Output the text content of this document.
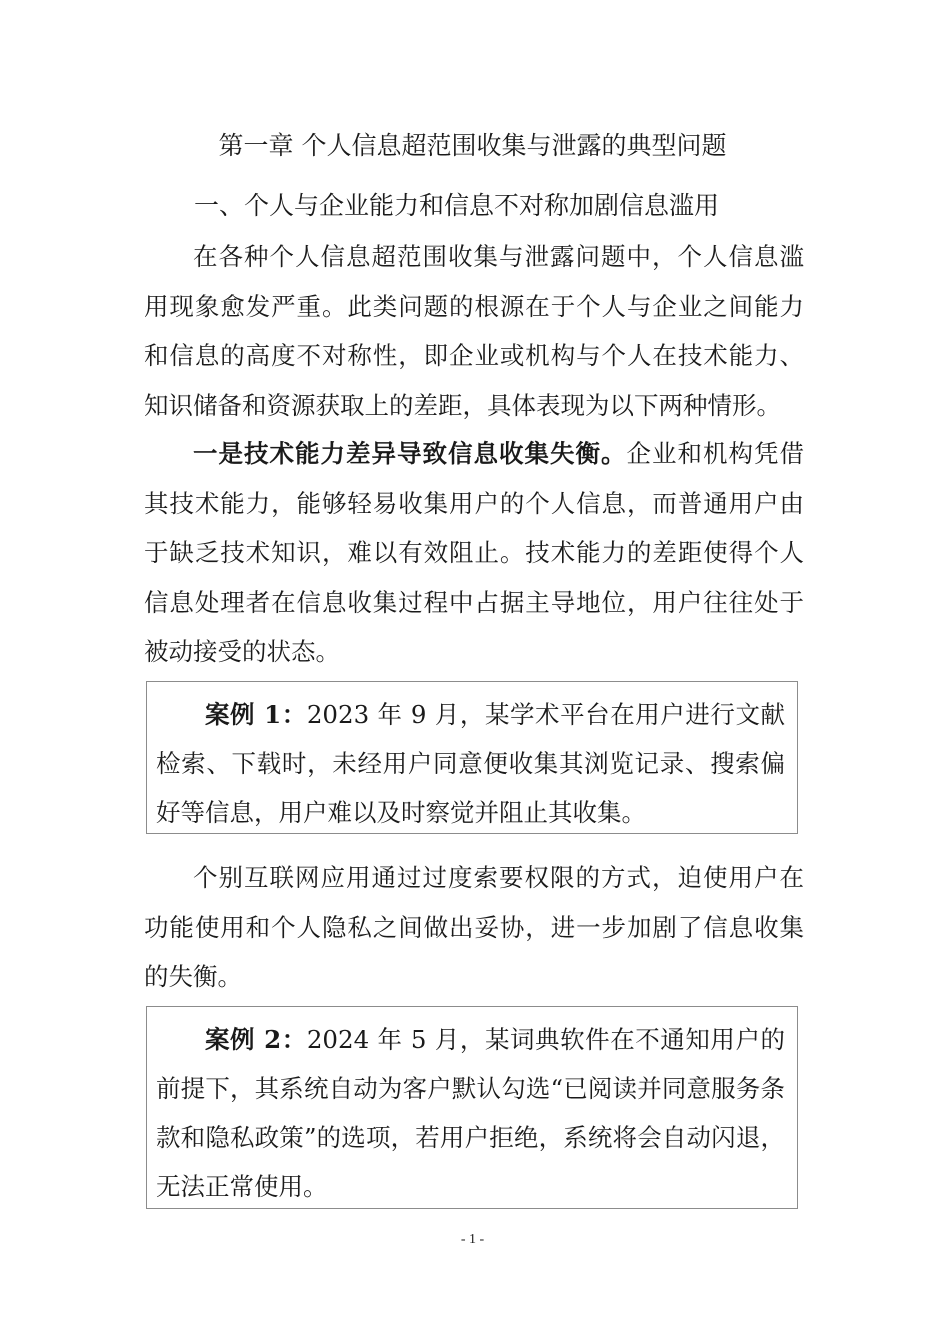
第一章 个人信息超范围收集与泄露的典型问题
一、个人与企业能力和信息不对称加剧信息滥用

在各种个人信息超范围收集与泄露问题中，个人信息滥用现象愈发严重。此类问题的根源在于个人与企业之间能力和信息的高度不对称性，即企业或机构与个人在技术能力、知识储备和资源获取上的差距，具体表现为以下两种情形。

一是技术能力差异导致信息收集失衡。企业和机构凭借其技术能力，能够轻易收集用户的个人信息，而普通用户由于缺乏技术知识，难以有效阻止。技术能力的差距使得个人信息处理者在信息收集过程中占据主导地位，用户往往处于被动接受的状态。

案例 1：2023 年 9 月，某学术平台在用户进行文献检索、下载时，未经用户同意便收集其浏览记录、搜索偏好等信息，用户难以及时察觉并阻止其收集。

个别互联网应用通过过度索要权限的方式，迫使用户在功能使用和个人隐私之间做出妥协，进一步加剧了信息收集的失衡。

案例 2：2024 年 5 月，某词典软件在不通知用户的前提下，其系统自动为客户默认勾选“已阅读并同意服务条款和隐私政策”的选项，若用户拒绝，系统将会自动闪退，无法正常使用。

- 1 -
